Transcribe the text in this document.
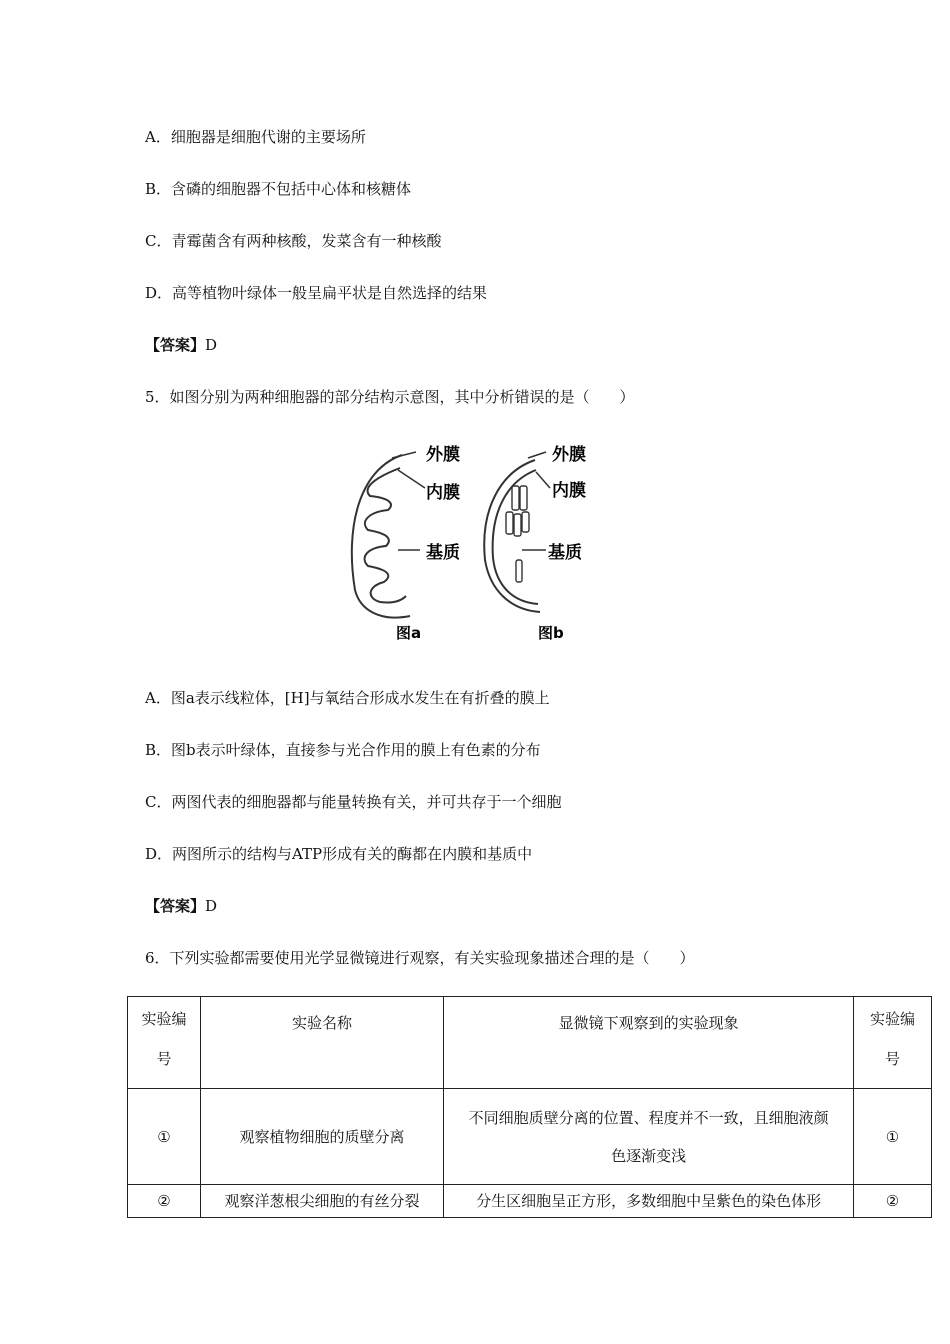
A．细胞器是细胞代谢的主要场所
B．含磷的细胞器不包括中心体和核糖体
C．青霉菌含有两种核酸，发菜含有一种核酸
D．高等植物叶绿体一般呈扁平状是自然选择的结果
【答案】D
5．如图分别为两种细胞器的部分结构示意图，其中分析错误的是（　　）
外膜
内膜
基质
图a
外膜
内膜
基质
图b
A．图a表示线粒体，[H]与氧结合形成水发生在有折叠的膜上
B．图b表示叶绿体，直接参与光合作用的膜上有色素的分布
C．两图代表的细胞器都与能量转换有关，并可共存于一个细胞
D．两图所示的结构与ATP形成有关的酶都在内膜和基质中
【答案】D
6．下列实验都需要使用光学显微镜进行观察，有关实验现象描述合理的是（　　）
实验编号	实验名称	显微镜下观察到的实验现象	实验编号

①	观察植物细胞的质壁分离	不同细胞质壁分离的位置、程度并不一致，且细胞液颜色逐渐变浅	①
②	观察洋葱根尖细胞的有丝分裂	分生区细胞呈正方形，多数细胞中呈紫色的染色体形	②
